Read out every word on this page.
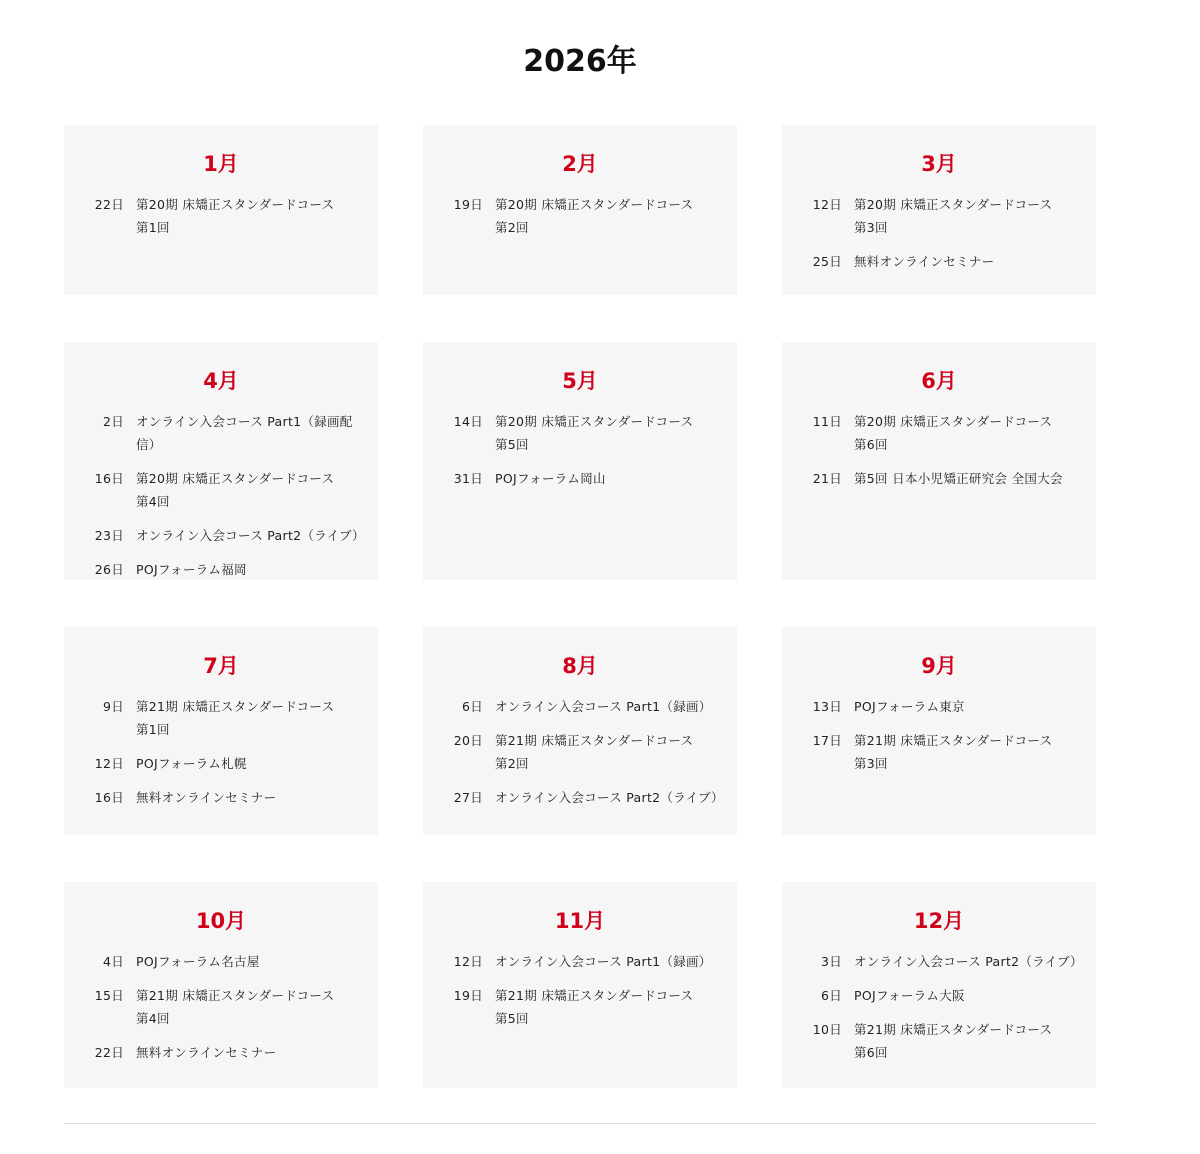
2026年
1月
22日 第20期 床矯正スタンダードコース
第1回
2月
19日 第20期 床矯正スタンダードコース
第2回
3月
12日 第20期 床矯正スタンダードコース
第3回
25日 無料オンラインセミナー
4月
2日 オンライン入会コース Part1（録画配信）
16日 第20期 床矯正スタンダードコース
第4回
23日 オンライン入会コース Part2（ライブ）
26日 POJフォーラム福岡
5月
14日 第20期 床矯正スタンダードコース
第5回
31日 POJフォーラム岡山
6月
11日 第20期 床矯正スタンダードコース
第6回
21日 第5回 日本小児矯正研究会 全国大会
7月
9日 第21期 床矯正スタンダードコース
第1回
12日 POJフォーラム札幌
16日 無料オンラインセミナー
8月
6日 オンライン入会コース Part1（録画）
20日 第21期 床矯正スタンダードコース
第2回
27日 オンライン入会コース Part2（ライブ）
9月
13日 POJフォーラム東京
17日 第21期 床矯正スタンダードコース
第3回
10月
4日 POJフォーラム名古屋
15日 第21期 床矯正スタンダードコース
第4回
22日 無料オンラインセミナー
11月
12日 オンライン入会コース Part1（録画）
19日 第21期 床矯正スタンダードコース
第5回
12月
3日 オンライン入会コース Part2（ライブ）
6日 POJフォーラム大阪
10日 第21期 床矯正スタンダードコース
第6回
